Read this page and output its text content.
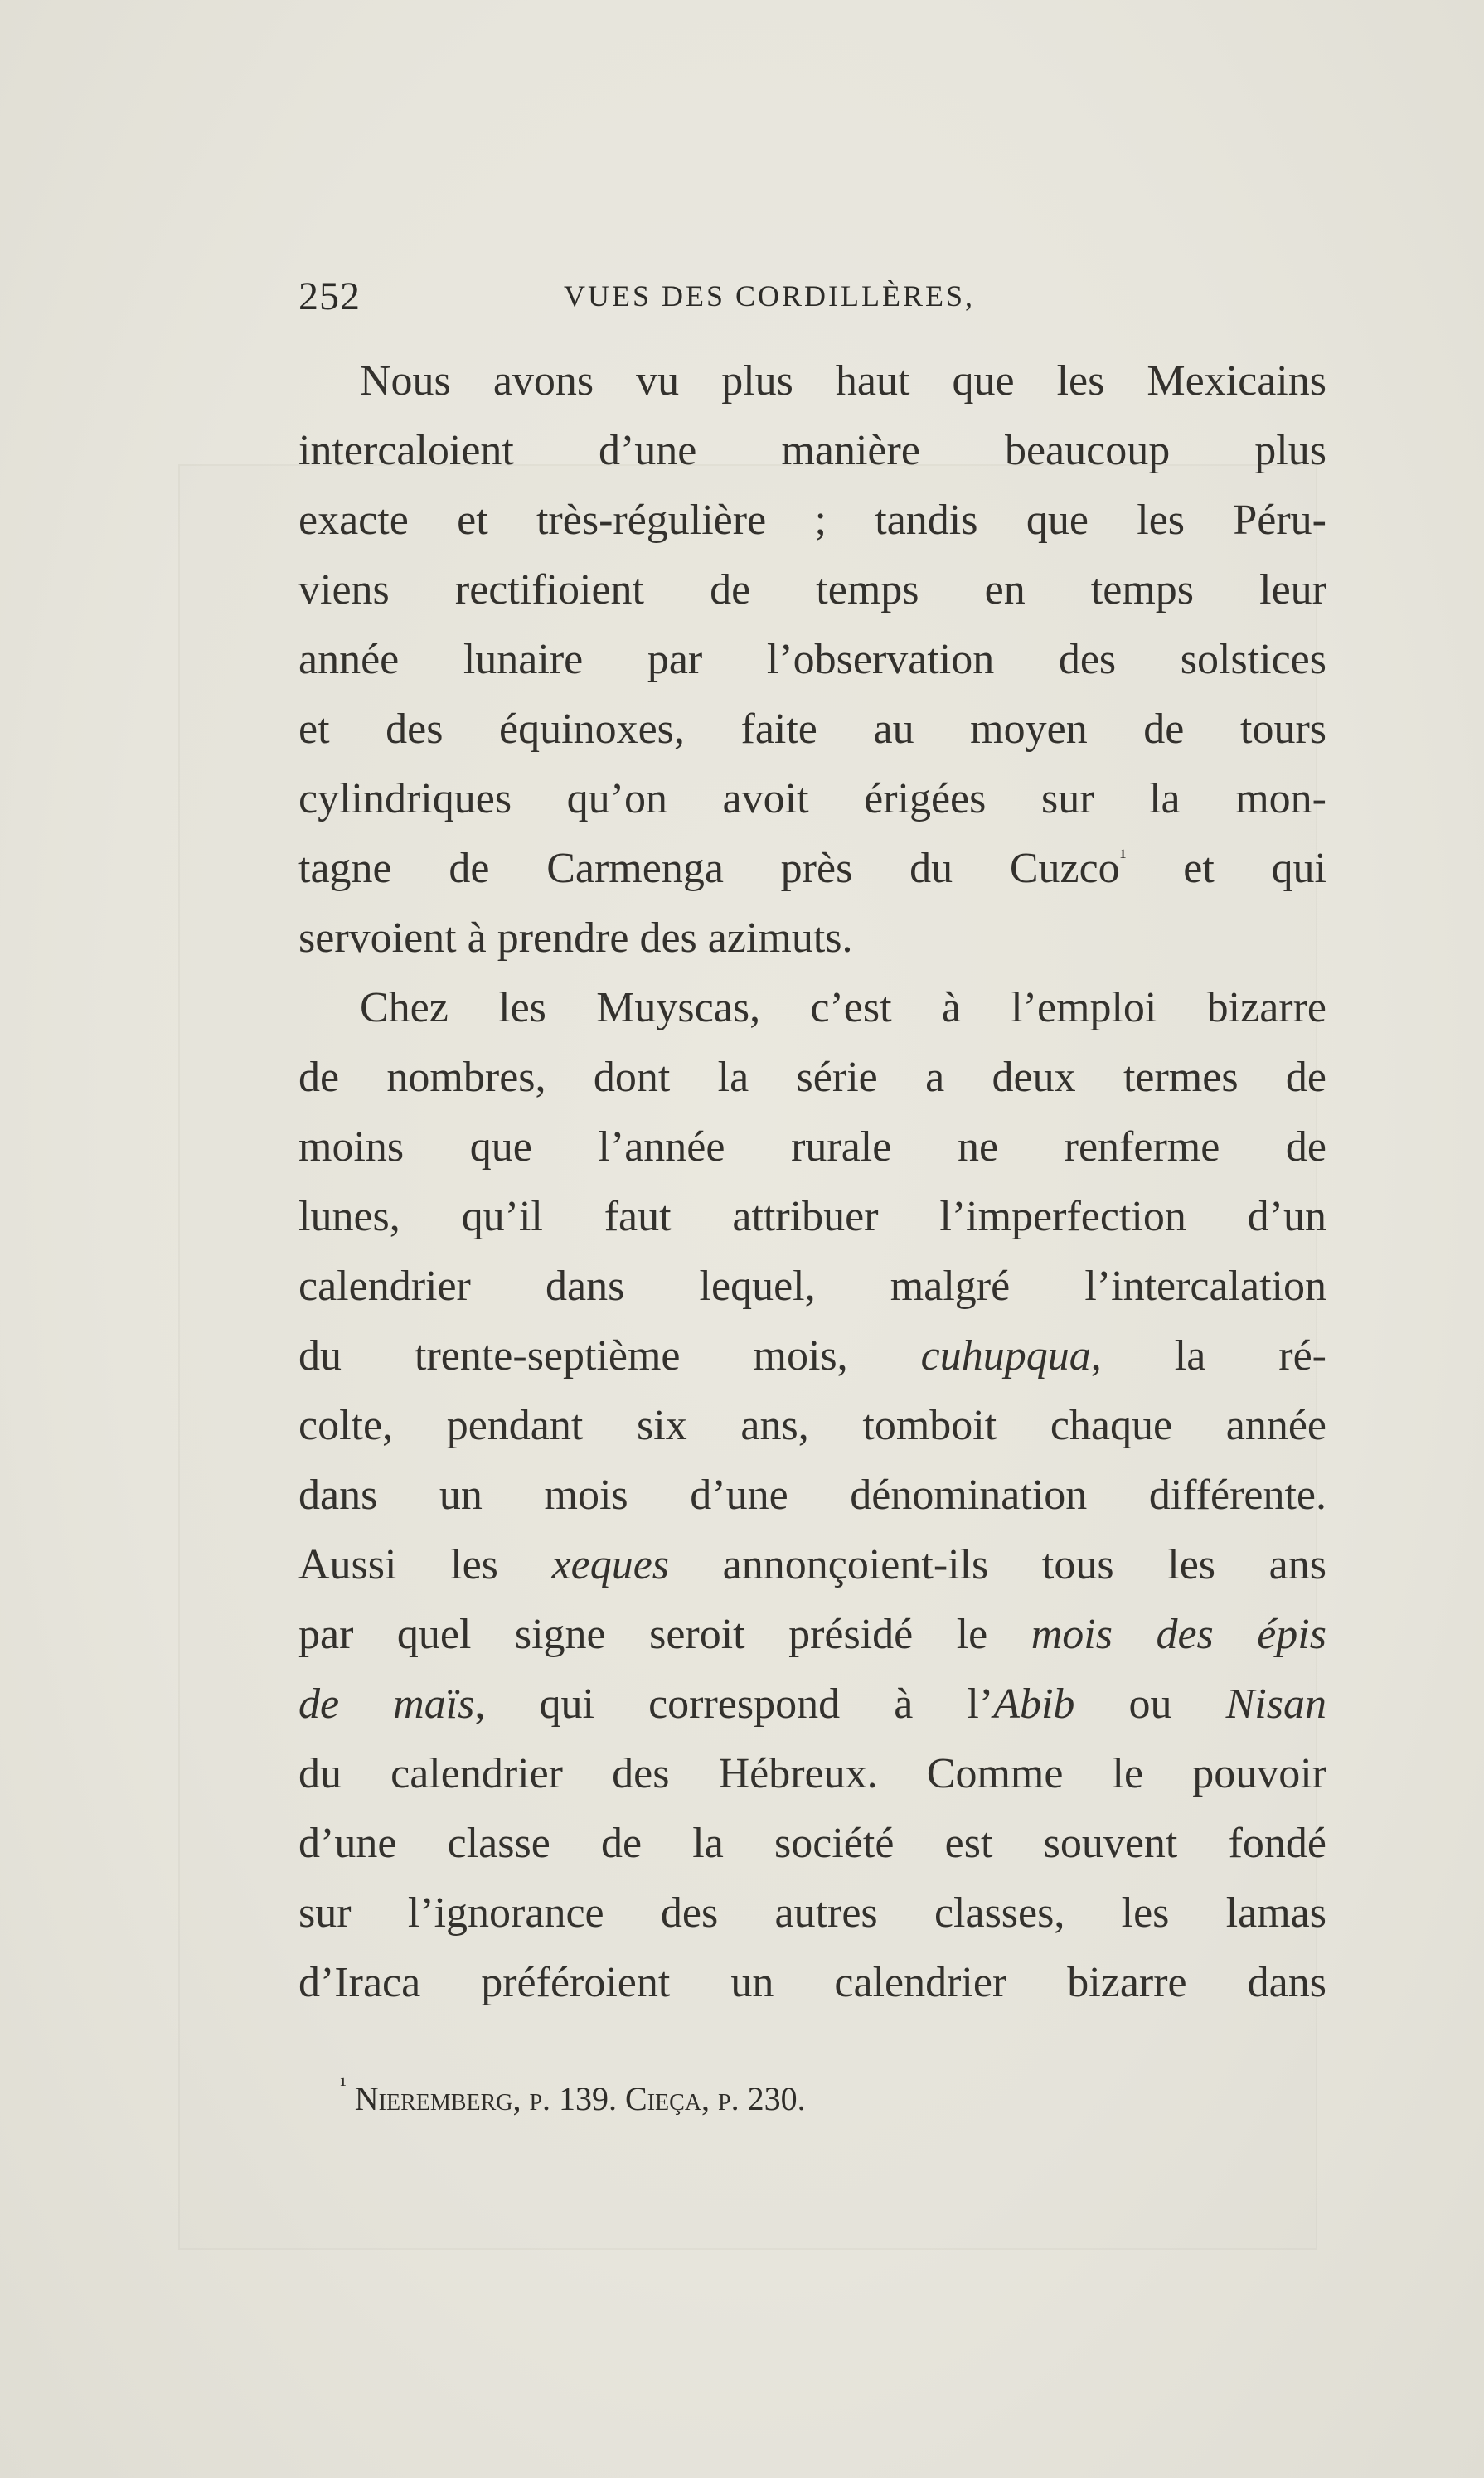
252	VUES DES CORDILLÈRES,
Nous avons vu plus haut que les Mexicains
intercaloient d’une manière beaucoup plus
exacte et très-régulière ; tandis que les Péru-
viens rectifioient de temps en temps leur
année lunaire par l’observation des solstices
et des équinoxes, faite au moyen de tours
cylindriques qu’on avoit érigées sur la mon-
tagne de Carmenga près du Cuzco$^{^1}$ et qui
servoient à prendre des azimuts.
Chez les Muyscas, c’est à l’emploi bizarre
de nombres, dont la série a deux termes de
moins que l’année rurale ne renferme de
lunes, qu’il faut attribuer l’imperfection d’un
calendrier dans lequel, malgré l’intercalation
du trente-septième mois, cuhupqua, la ré-
colte, pendant six ans, tomboit chaque année
dans un mois d’une dénomination différente.
Aussi les xeques annonçoient-ils tous les ans
par quel signe seroit présidé le mois des épis
de maïs, qui correspond à l’Abib ou Nisan
du calendrier des Hébreux. Comme le pouvoir
d’une classe de la société est souvent fondé
sur l’ignorance des autres classes, les lamas
d’Iraca préféroient un calendrier bizarre dans
$^{^1}$ Nieremberg, p. 139. Cieça, p. 230.
